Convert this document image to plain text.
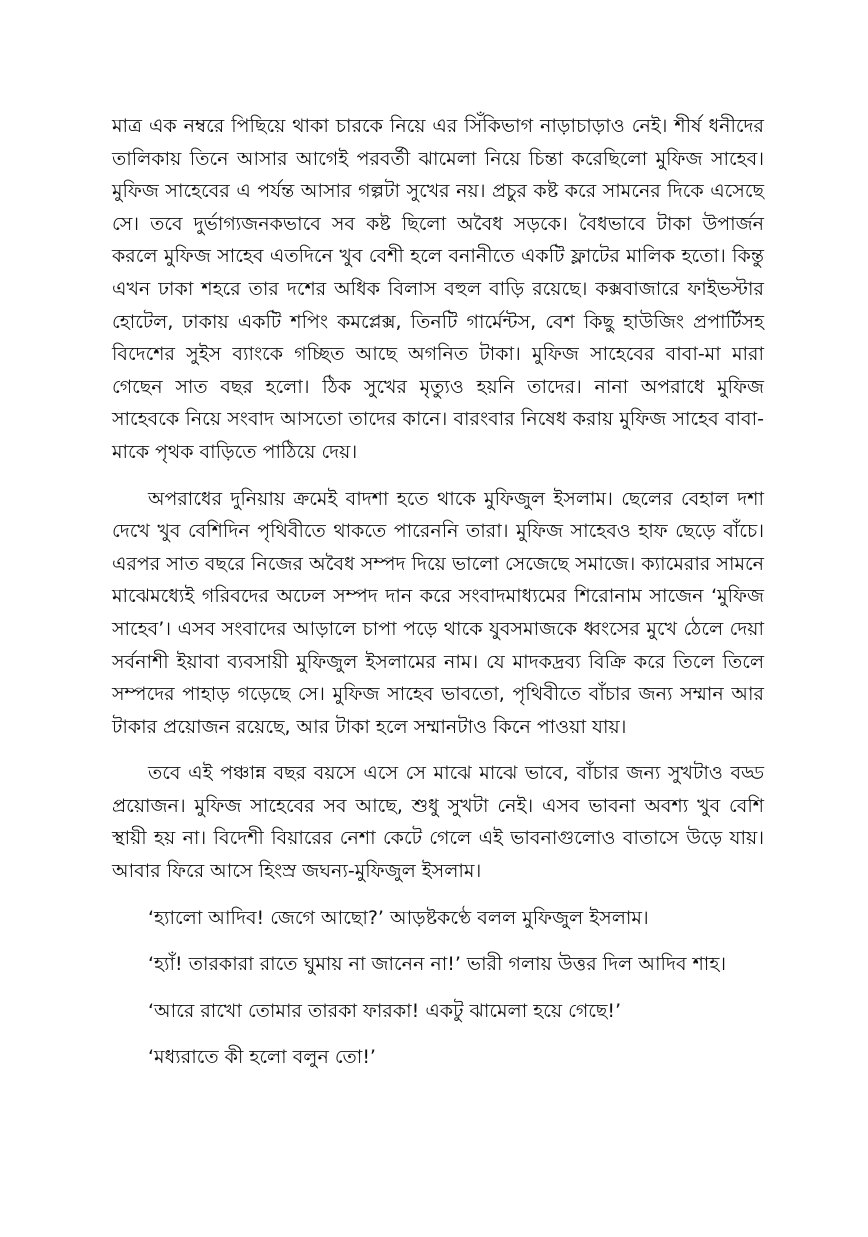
মাত্র এক নম্বরে পিছিয়ে থাকা চারকে নিয়ে এর সিঁকিভাগ নাড়াচাড়াও নেই। শীর্ষ ধনীদের তালিকায় তিনে আসার আগেই পরবর্তী ঝামেলা নিয়ে চিন্তা করেছিলো মুফিজ সাহেব। মুফিজ সাহেবের এ পর্যন্ত আসার গল্পটা সুখের নয়। প্রচুর কষ্ট করে সামনের দিকে এসেছে সে। তবে দুর্ভাগ্যজনকভাবে সব কষ্ট ছিলো অবৈধ সড়কে। বৈধভাবে টাকা উপার্জন করলে মুফিজ সাহেব এতদিনে খুব বেশী হলে বনানীতে একটি ফ্লাটের মালিক হতো। কিন্তু এখন ঢাকা শহরে তার দশের অধিক বিলাস বহুল বাড়ি রয়েছে। কক্সবাজারে ফাইভস্টার হোটেল, ঢাকায় একটি শপিং কমপ্লেক্স, তিনটি গার্মেন্টস, বেশ কিছু হাউজিং প্রপার্টিসহ বিদেশের সুইস ব্যাংকে গচ্ছিত আছে অগনিত টাকা। মুফিজ সাহেবের বাবা-মা মারা গেছেন সাত বছর হলো। ঠিক সুখের মৃত্যুও হয়নি তাদের। নানা অপরাধে মুফিজ সাহেবকে নিয়ে সংবাদ আসতো তাদের কানে। বারংবার নিষেধ করায় মুফিজ সাহেব বাবা-মাকে পৃথক বাড়িতে পাঠিয়ে দেয়।

অপরাধের দুনিয়ায় ক্রমেই বাদশা হতে থাকে মুফিজুল ইসলাম। ছেলের বেহাল দশা দেখে খুব বেশিদিন পৃথিবীতে থাকতে পারেননি তারা। মুফিজ সাহেবও হাফ ছেড়ে বাঁচে। এরপর সাত বছরে নিজের অবৈধ সম্পদ দিয়ে ভালো সেজেছে সমাজে। ক্যামেরার সামনে মাঝেমধ্যেই গরিবদের অঢেল সম্পদ দান করে সংবাদমাধ্যমের শিরোনাম সাজেন ‘মুফিজ সাহেব’। এসব সংবাদের আড়ালে চাপা পড়ে থাকে যুবসমাজকে ধ্বংসের মুখে ঠেলে দেয়া সর্বনাশী ইয়াবা ব্যবসায়ী মুফিজুল ইসলামের নাম। যে মাদকদ্রব্য বিক্রি করে তিলে তিলে সম্পদের পাহাড় গড়েছে সে। মুফিজ সাহেব ভাবতো, পৃথিবীতে বাঁচার জন্য সম্মান আর টাকার প্রয়োজন রয়েছে, আর টাকা হলে সম্মানটাও কিনে পাওয়া যায়।

তবে এই পঞ্চান্ন বছর বয়সে এসে সে মাঝে মাঝে ভাবে, বাঁচার জন্য সুখটাও বড্ড প্রয়োজন। মুফিজ সাহেবের সব আছে, শুধু সুখটা নেই। এসব ভাবনা অবশ্য খুব বেশি স্থায়ী হয় না। বিদেশী বিয়ারের নেশা কেটে গেলে এই ভাবনাগুলোও বাতাসে উড়ে যায়। আবার ফিরে আসে হিংস্র জঘন্য-মুফিজুল ইসলাম।

‘হ্যালো আদিব! জেগে আছো?’ আড়ষ্টকণ্ঠে বলল মুফিজুল ইসলাম।

‘হ্যাঁ! তারকারা রাতে ঘুমায় না জানেন না!’ ভারী গলায় উত্তর দিল আদিব শাহ।

‘আরে রাখো তোমার তারকা ফারকা! একটু ঝামেলা হয়ে গেছে!’

‘মধ্যরাতে কী হলো বলুন তো!’
